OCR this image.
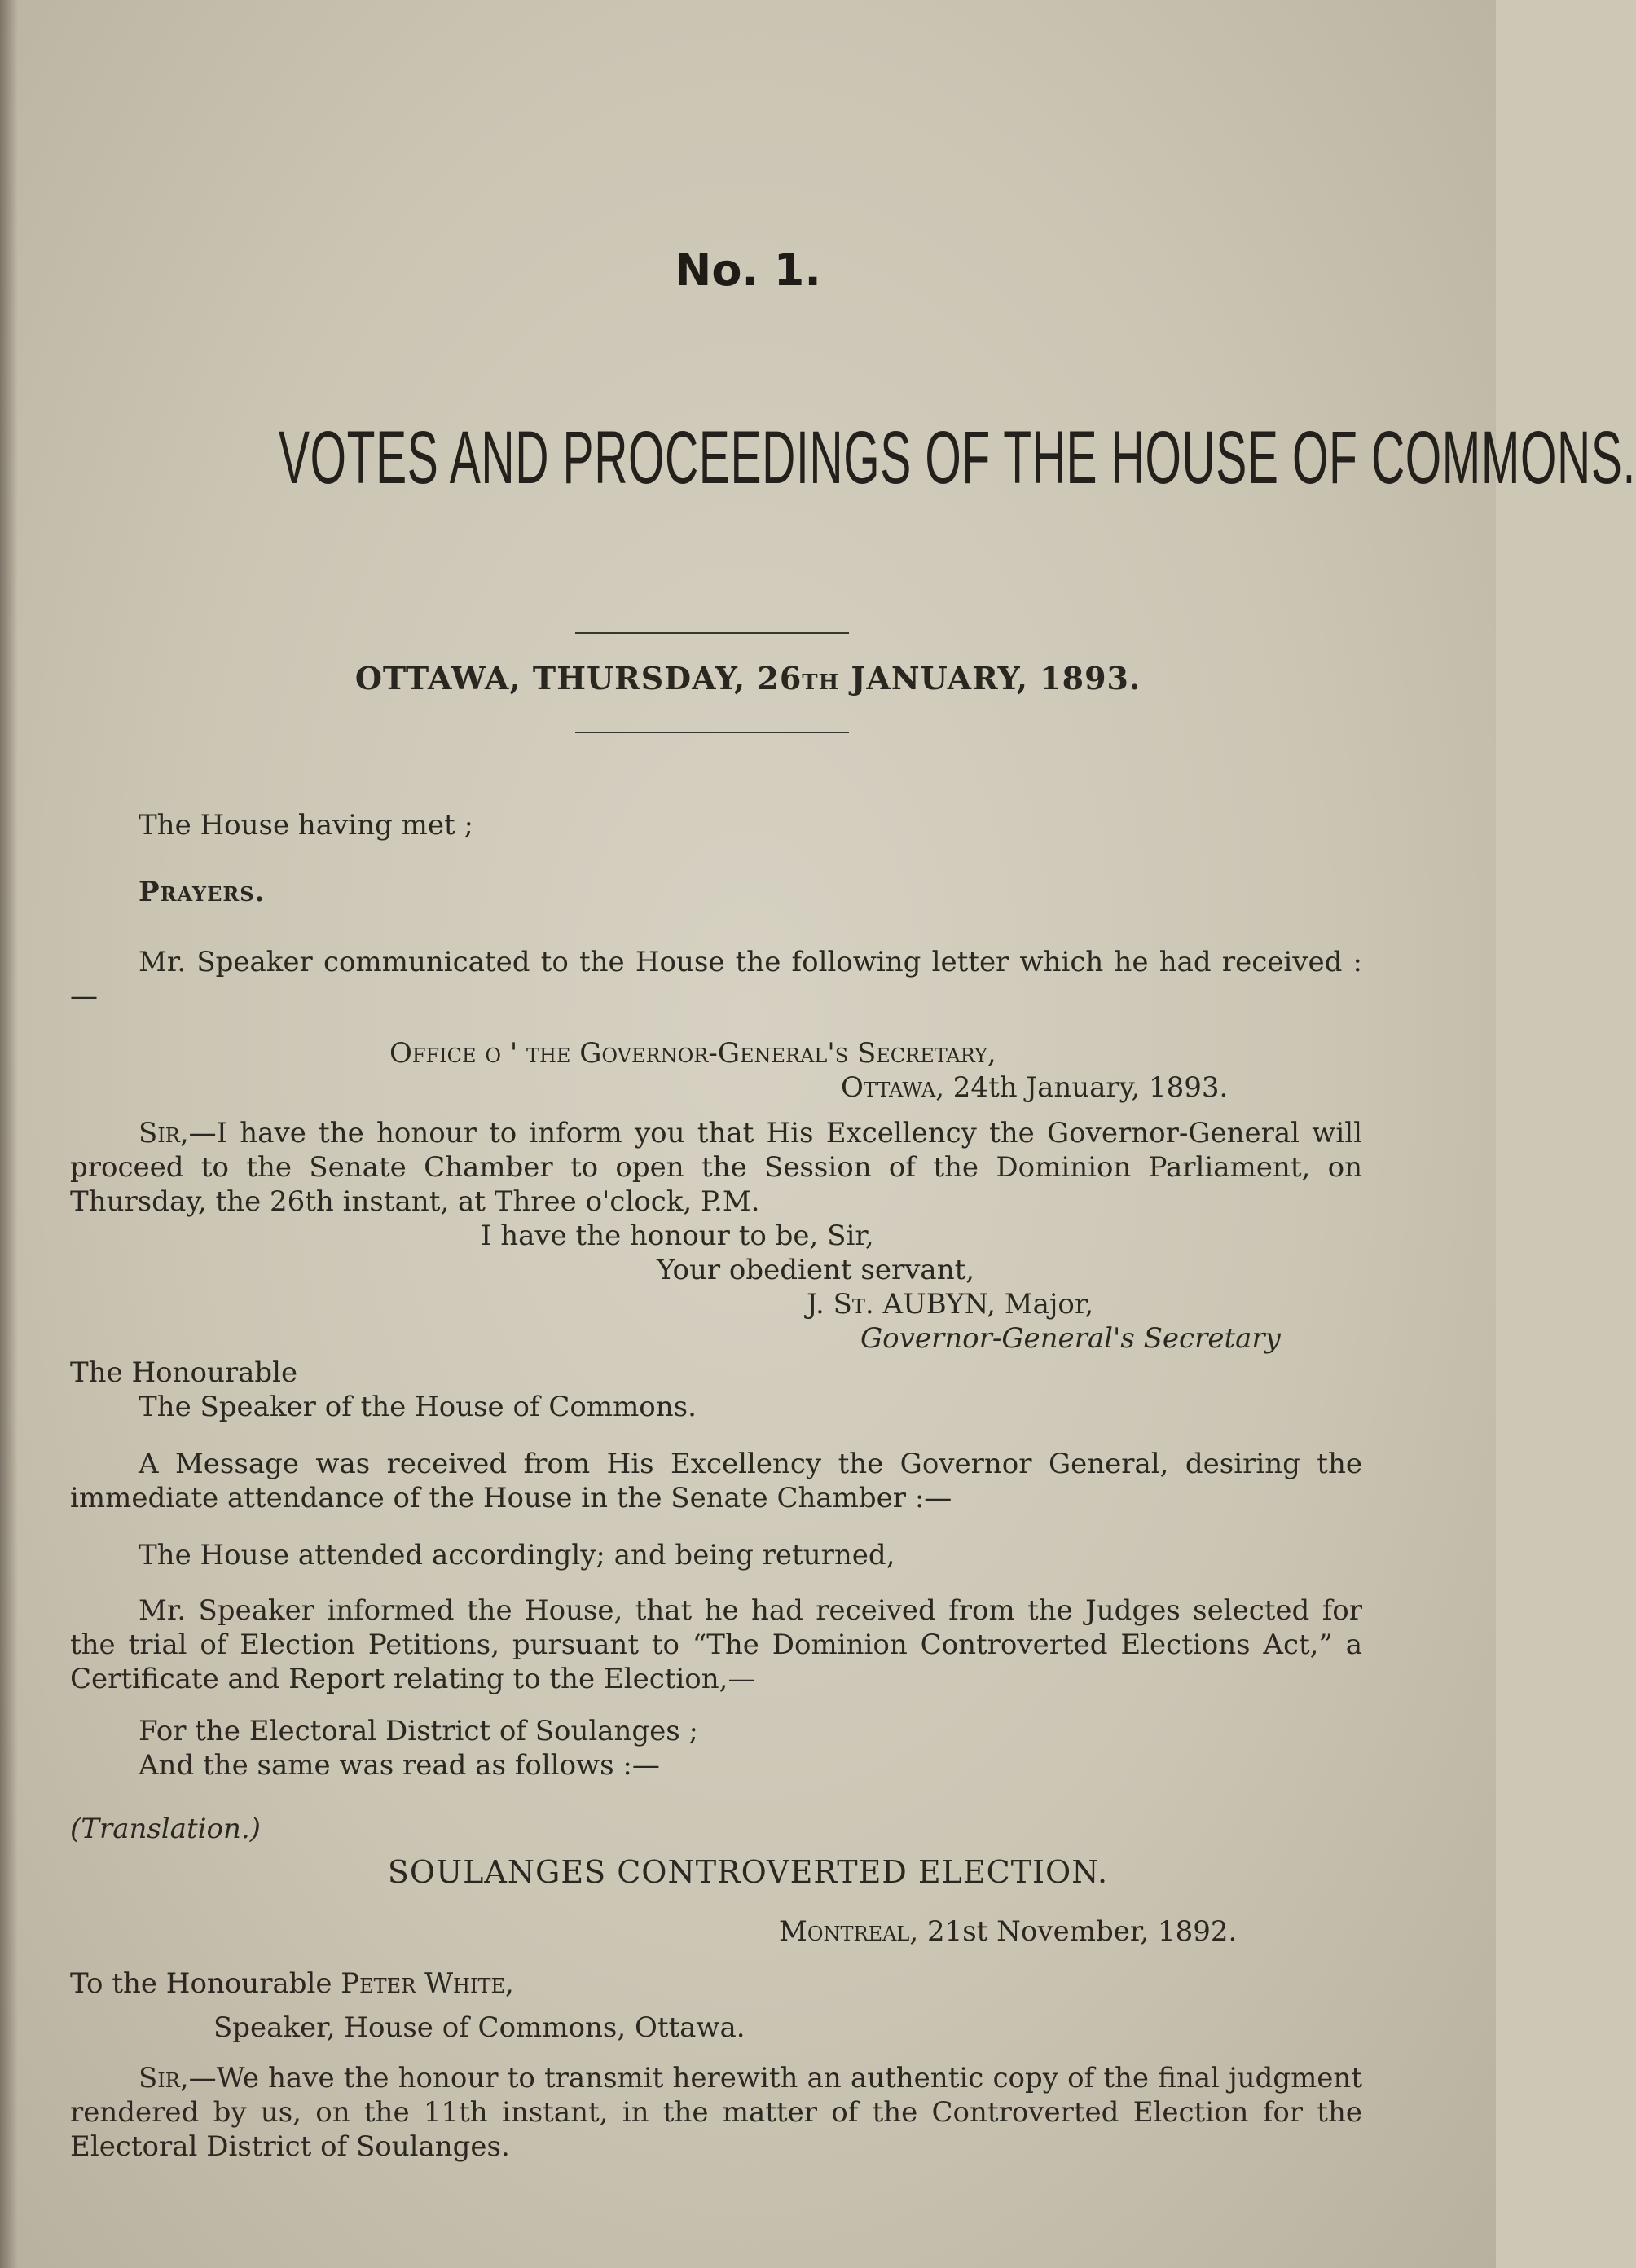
No. 1.
VOTES AND PROCEEDINGS OF THE HOUSE OF COMMONS.
OTTAWA, THURSDAY, 26TH JANUARY, 1893.
The House having met ;
Prayers.
Mr. Speaker communicated to the House the following letter which he had received :—
Office o ' the Governor-General's Secretary,
Ottawa, 24th January, 1893.
Sir,—I have the honour to inform you that His Excellency the Governor-General will proceed to the Senate Chamber to open the Session of the Dominion Parliament, on Thursday, the 26th instant, at Three o'clock, P.M.
I have the honour to be, Sir,
Your obedient servant,
J. St. AUBYN, Major,
Governor-General's Secretary
The Honourable
The Speaker of the House of Commons.
A Message was received from His Excellency the Governor General, desiring the immediate attendance of the House in the Senate Chamber :—
The House attended accordingly; and being returned,
Mr. Speaker informed the House, that he had received from the Judges selected for the trial of Election Petitions, pursuant to “The Dominion Controverted Elections Act,” a Certificate and Report relating to the Election,—
For the Electoral District of Soulanges ;
And the same was read as follows :—
(Translation.)
SOULANGES CONTROVERTED ELECTION.
Montreal, 21st November, 1892.
To the Honourable Peter White,
Speaker, House of Commons, Ottawa.
Sir,—We have the honour to transmit herewith an authentic copy of the final judgment rendered by us, on the 11th instant, in the matter of the Controverted Election for the Electoral District of Soulanges.
